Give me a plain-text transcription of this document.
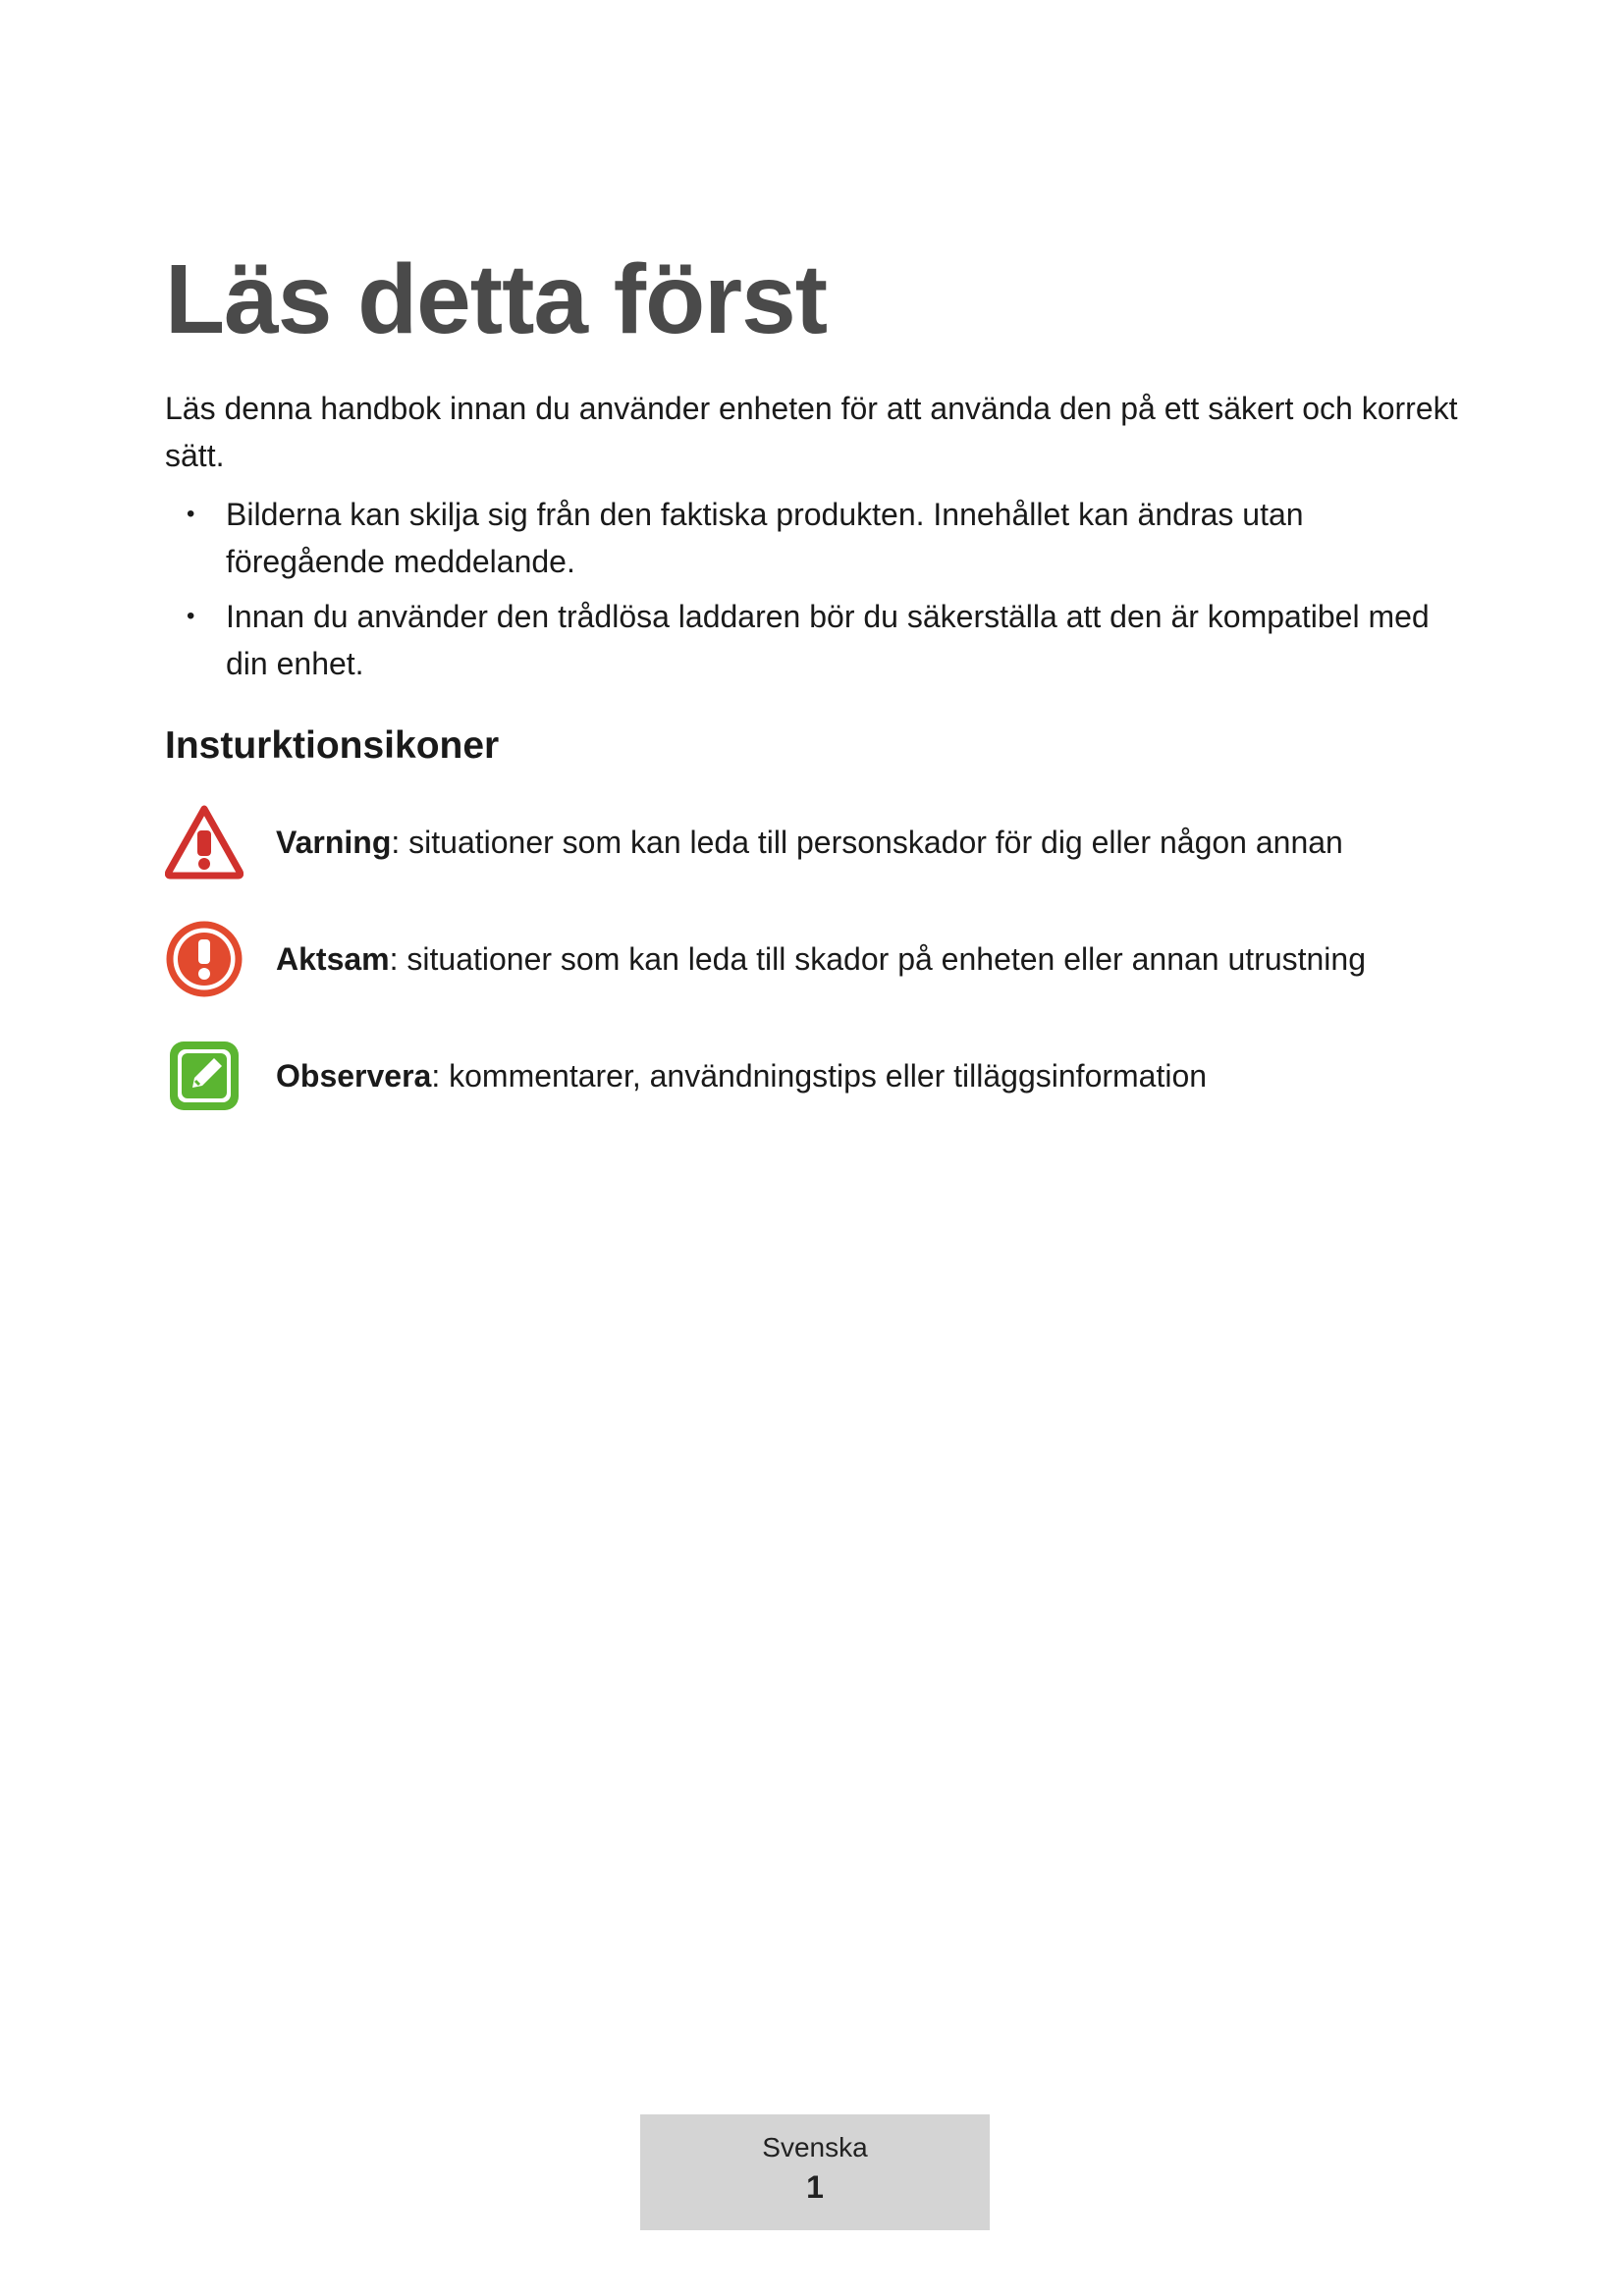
Läs detta först

Läs denna handbok innan du använder enheten för att använda den på ett säkert och korrekt sätt.

• Bilderna kan skilja sig från den faktiska produkten. Innehållet kan ändras utan föregående meddelande.
• Innan du använder den trådlösa laddaren bör du säkerställa att den är kompatibel med din enhet.
Insturktionsikoner
Varning: situationer som kan leda till personskador för dig eller någon annan
Aktsam: situationer som kan leda till skador på enheten eller annan utrustning
Observera: kommentarer, användningstips eller tilläggsinformation
Svenska
1
